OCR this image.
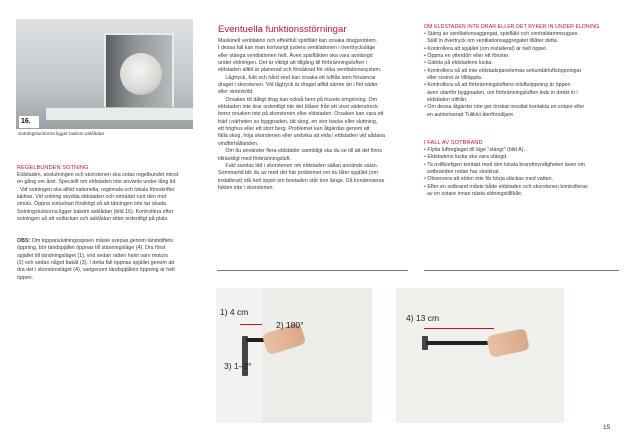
16.
Sotningsluckorna ligger bakom asklådan
REGELBUNDEN SOTNING
Eldstaden, anslutningen och skorstenen ska sotas regelbundet minst
en gång om året. Speciellt om eldstaden inte använts under lång tid
. Vid sotningen ska alltid nationella, regionala och lokala föreskrifter
iakttas. Vid sotning skydda eldstaden och omrädet runt den mot
smuts. Öppna sotluckan försiktigt så att tätningen inte tar skada.
Sotningsluckorna ligger bakom asklådan (bild 16). Kontrollera efter
sotningen så att sotluckan och asklådan sitter ordentligt på plats.
OBS: Om toppanslutningsspisen måste svepas genom tändstiftets
öppning, bör tändspjället öppnas till stänningsläge (4). Dra först
spjället till tändningsläget (1), vrid sedan ratten halvt varv moturs
(2) och sedan något bakåt (3). I detta fall öppnas spjället genom att
dra det i skorstensläget (4), varigenom tändspjällets öppning är helt
öppen.
Eventuella funktionsstörningar
Maskinell ventilation och effektfull spisfläkt kan orsaka dragproblem.
I dessa fall kan man kortvarigt justera ventilationen i övertrycksläge
eller stänga ventilationen helt. Även spisfläkten ska vara avstängd
under eldningen. Det är viktigt att tillgång till förbränningsluften i
eldstaden alltid är planerad och försäkrad för olika ventilationssystem.
Lågtryck, fukt och hård vind kan orsaka ett luftlås som försämrar
draget i skorstenen. Vid lågtryck är draget alltid sämre än i fint väder
eller vinterköld.
Orsaken till dåligt drag kan också bero på husets omgivning. Om
eldstaden inte drar ordentligt när det blåser från ett visst väderstreck
beror orsaken inte på skorstenen eller eldstaden. Orsaken kan vara ett
träd i närheten av byggnaden, tät skog, en stor backe eller sluttning,
ett höghus eller ett stort berg. Problemet kan åtgärdas genom att
fälla skog, höja skorstenen eller undvika att elda i eldstaden vid sådana
vindförhållanden.
Om du använder flera eldstäder samtidigt ska du se till att det finns
tillräckligt med förbränningsluft.
Fukt samlas lätt i skorstenen om eldstaden sällan används sälan.
Sommartid blir du av med det här problemet om du låter spjället (om
installerat) stå helt öppet om bostaden står tom länge. Då kondenseras
fukten inte i skorstenen.
OM ELDSTADEN INTE DRAR ELLER DET RYKER IN UNDER ELDNING
• Stäng av ventilationsaggregat, spisfläkt och centraldammsugare.
Ställ in övertryck om ventilationsaggregatet tillåter detta
• Kontrollera att spjället (om installerat) är helt öppet.
• Öppna en ytterdörr eller ett fönster.
• Glänta på eldstadens lucka.
• Kontrollera så att inte eldstadspanelernas sekundärluftsöppningar
eller rostret är tilltäppta.
• Kontrollera så att förbränningsluftens inluftsöppning är öppen
även utanför byggnaden, om förbränningsluften leds in direkt in i
eldstaden utifrån.
• Om dessa åtgärder inte ger önskat resultat kontakta en sotare eller
en auktoriserad Tulikivi återförsäljare.
I FALL AV SOTBRAND
• Flytta luftreglaget till läge "stängt" (bild A).
• Eldstadens lucka ska vara stängd.
• Ta ovillkorligen kontakt med den lokala brandmyndigheten även om
sotbranden redan har slocknat.
• Observera att elden inte får börja släckas med vatten.
• Efter en sotbrand måste både eldstaden och skorstenen kontrolleras
av en sotare innan nästa eldningstillfälle.
1) 4 cm
2) 180°
3) 1–2°
4) 13 cm
15
